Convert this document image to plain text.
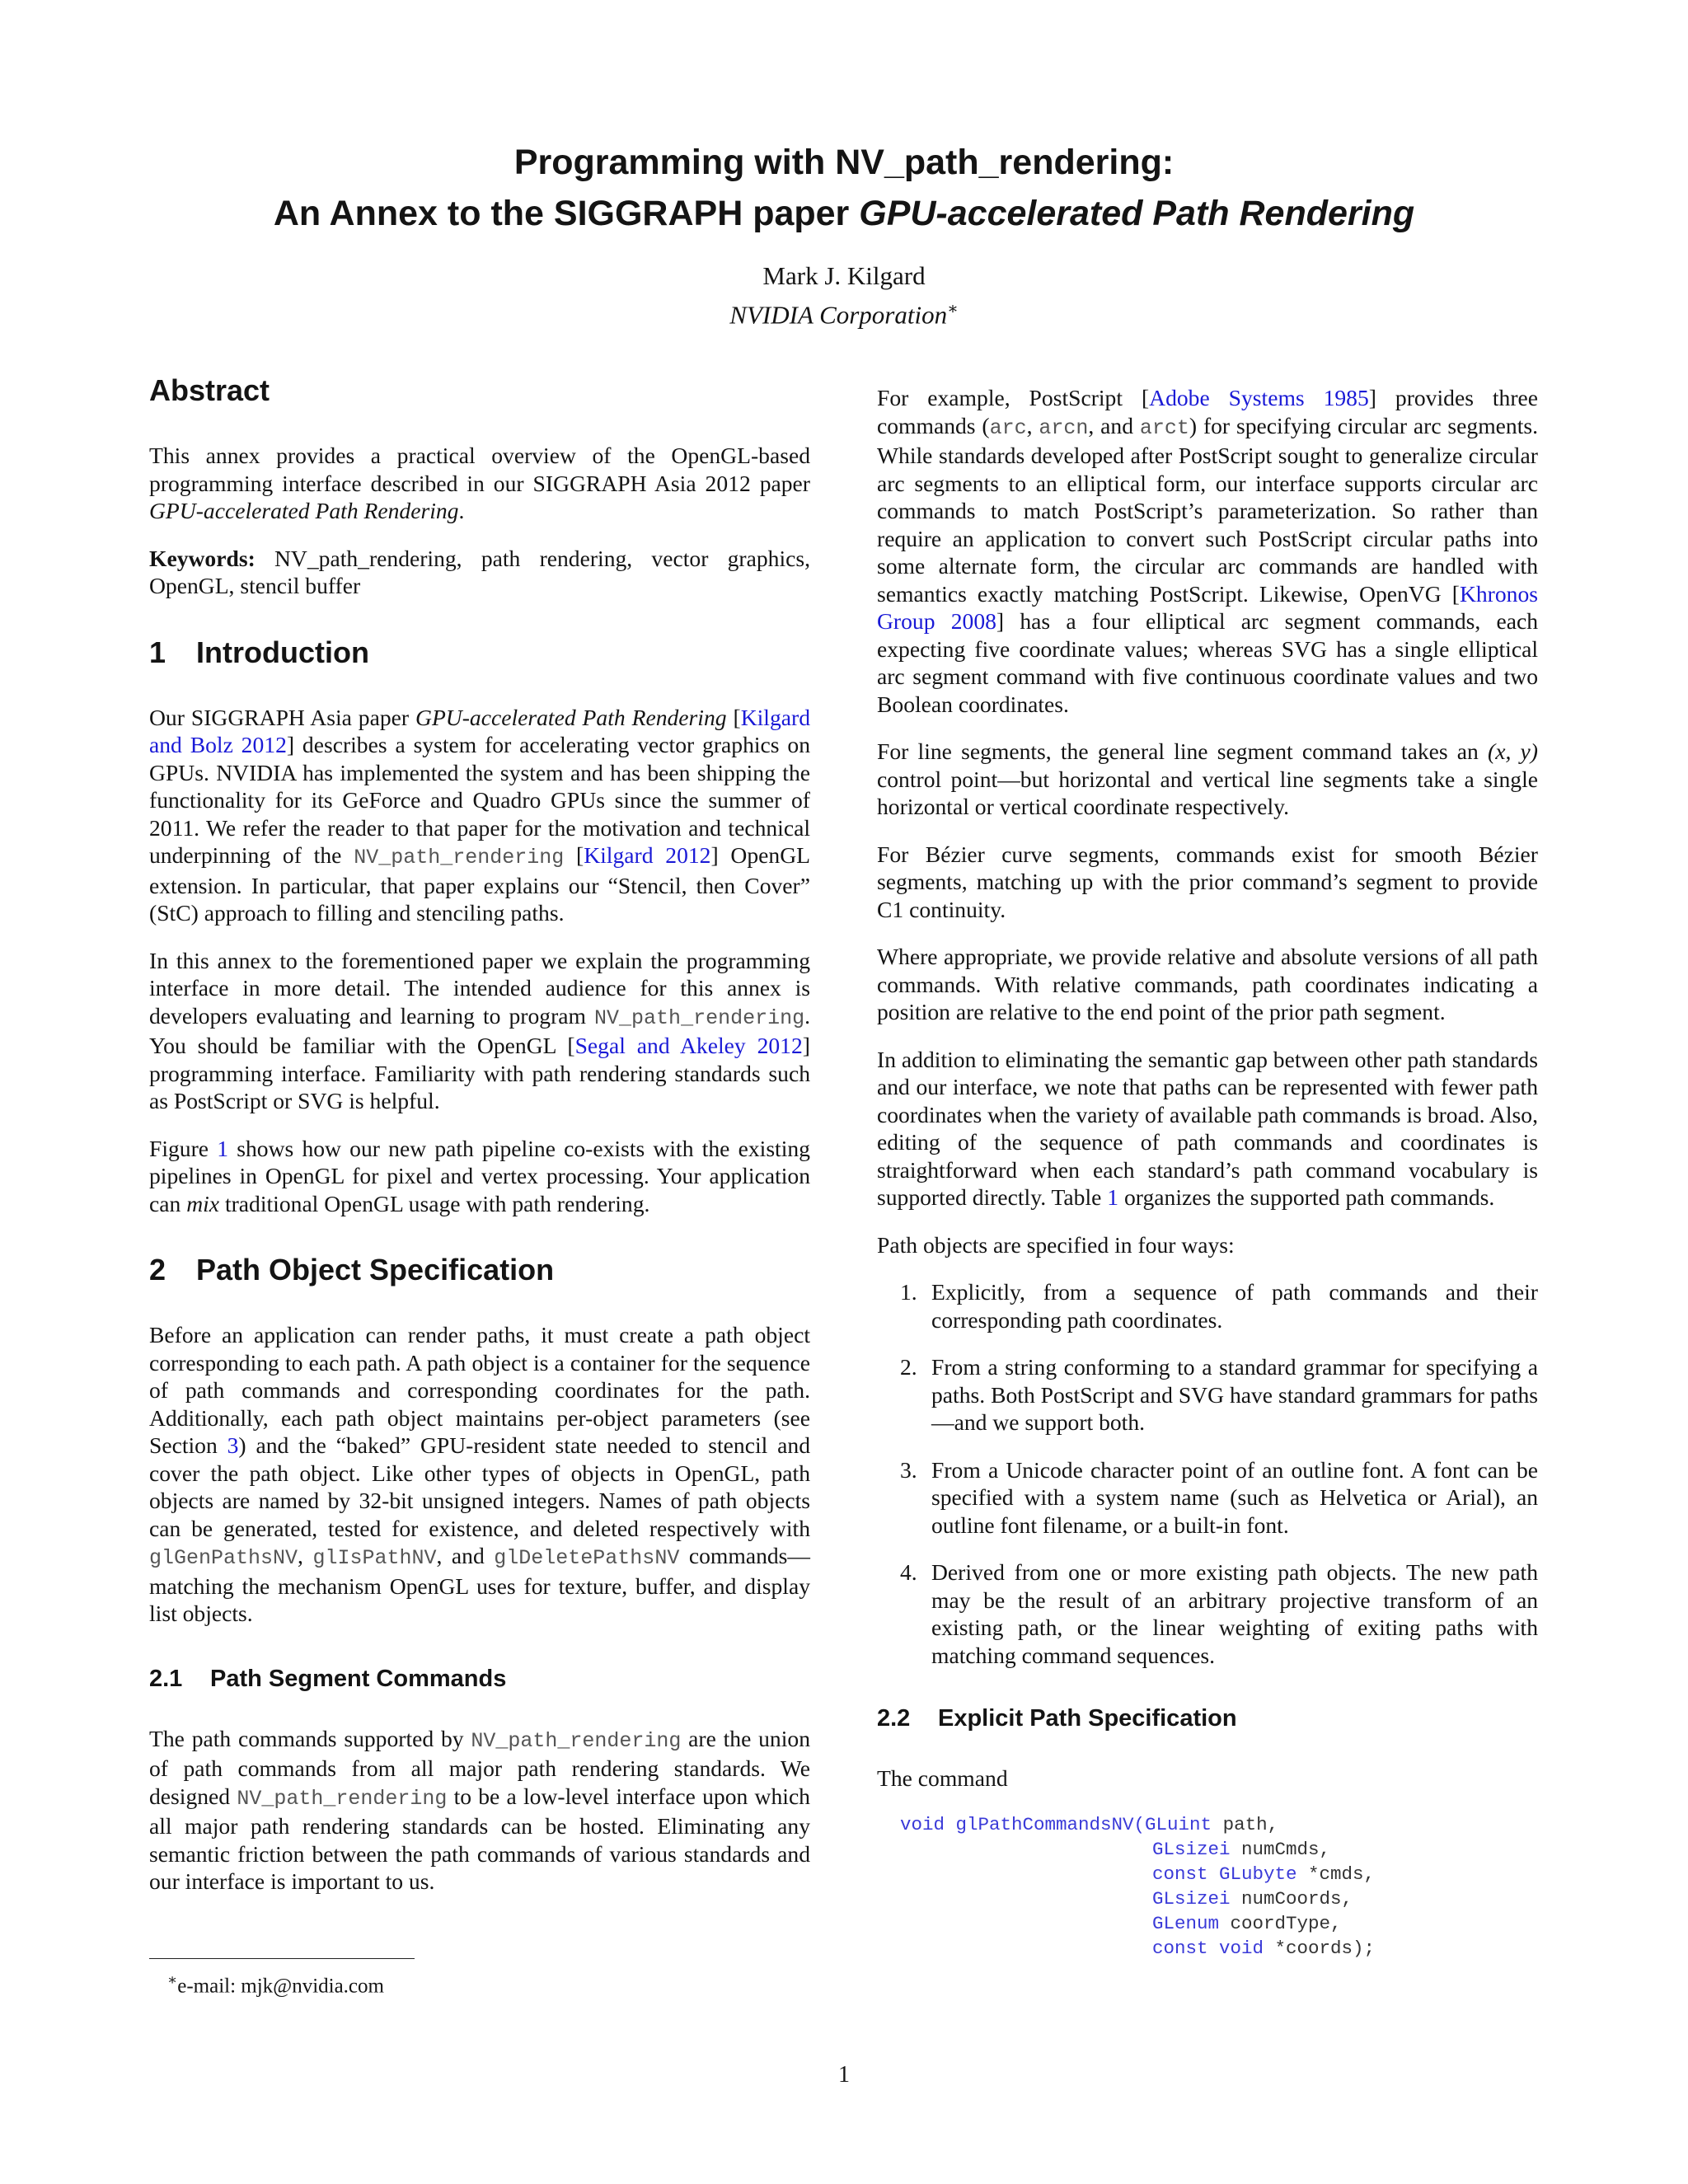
Programming with NV_path_rendering:
An Annex to the SIGGRAPH paper GPU-accelerated Path Rendering
Mark J. Kilgard
NVIDIA Corporation∗
Abstract

This annex provides a practical overview of the OpenGL-based programming interface described in our SIGGRAPH Asia 2012 paper GPU-accelerated Path Rendering.

Keywords: NV_path_rendering, path rendering, vector graphics, OpenGL, stencil buffer

1 Introduction

Our SIGGRAPH Asia paper GPU-accelerated Path Rendering [Kilgard and Bolz 2012] describes a system for accelerating vector graphics on GPUs. NVIDIA has implemented the system and has been shipping the functionality for its GeForce and Quadro GPUs since the summer of 2011. We refer the reader to that paper for the motivation and technical underpinning of the NV_path_rendering [Kilgard 2012] OpenGL extension. In particular, that paper explains our “Stencil, then Cover” (StC) approach to filling and stenciling paths.

In this annex to the forementioned paper we explain the programming interface in more detail. The intended audience for this annex is developers evaluating and learning to program NV_path_rendering. You should be familiar with the OpenGL [Segal and Akeley 2012] programming interface. Familiarity with path rendering standards such as PostScript or SVG is helpful.

Figure 1 shows how our new path pipeline co-exists with the existing pipelines in OpenGL for pixel and vertex processing. Your application can mix traditional OpenGL usage with path rendering.

2 Path Object Specification

Before an application can render paths, it must create a path object corresponding to each path. A path object is a container for the sequence of path commands and corresponding coordinates for the path. Additionally, each path object maintains per-object parameters (see Section 3) and the “baked” GPU-resident state needed to stencil and cover the path object. Like other types of objects in OpenGL, path objects are named by 32-bit unsigned integers. Names of path objects can be generated, tested for existence, and deleted respectively with glGenPathsNV, glIsPathNV, and glDeletePathsNV commands—matching the mechanism OpenGL uses for texture, buffer, and display list objects.

2.1 Path Segment Commands

The path commands supported by NV_path_rendering are the union of path commands from all major path rendering standards. We designed NV_path_rendering to be a low-level interface upon which all major path rendering standards can be hosted. Eliminating any semantic friction between the path commands of various standards and our interface is important to us.

For example, PostScript [Adobe Systems 1985] provides three commands (arc, arcn, and arct) for specifying circular arc segments. While standards developed after PostScript sought to generalize circular arc segments to an elliptical form, our interface supports circular arc commands to match PostScript’s parameterization. So rather than require an application to convert such PostScript circular paths into some alternate form, the circular arc commands are handled with semantics exactly matching PostScript. Likewise, OpenVG [Khronos Group 2008] has a four elliptical arc segment commands, each expecting five coordinate values; whereas SVG has a single elliptical arc segment command with five continuous coordinate values and two Boolean coordinates.

For line segments, the general line segment command takes an (x, y) control point—but horizontal and vertical line segments take a single horizontal or vertical coordinate respectively.

For Bézier curve segments, commands exist for smooth Bézier segments, matching up with the prior command’s segment to provide C1 continuity.

Where appropriate, we provide relative and absolute versions of all path commands. With relative commands, path coordinates indicating a position are relative to the end point of the prior path segment.

In addition to eliminating the semantic gap between other path standards and our interface, we note that paths can be represented with fewer path coordinates when the variety of available path commands is broad. Also, editing of the sequence of path commands and coordinates is straightforward when each standard’s path command vocabulary is supported directly. Table 1 organizes the supported path commands.

Path objects are specified in four ways:

1. Explicitly, from a sequence of path commands and their corresponding path coordinates.
2. From a string conforming to a standard grammar for specifying a paths. Both PostScript and SVG have standard grammars for paths—and we support both.
3. From a Unicode character point of an outline font. A font can be specified with a system name (such as Helvetica or Arial), an outline font filename, or a built-in font.
4. Derived from one or more existing path objects. The new path may be the result of an arbitrary projective transform of an existing path, or the linear weighting of exiting paths with matching command sequences.
2.2 Explicit Path Specification

The command

void glPathCommandsNV(GLuint path,
GLsizei numCmds,
const GLubyte *cmds,
GLsizei numCoords,
GLenum coordType,
const void *coords);
∗e-mail: mjk@nvidia.com
1
